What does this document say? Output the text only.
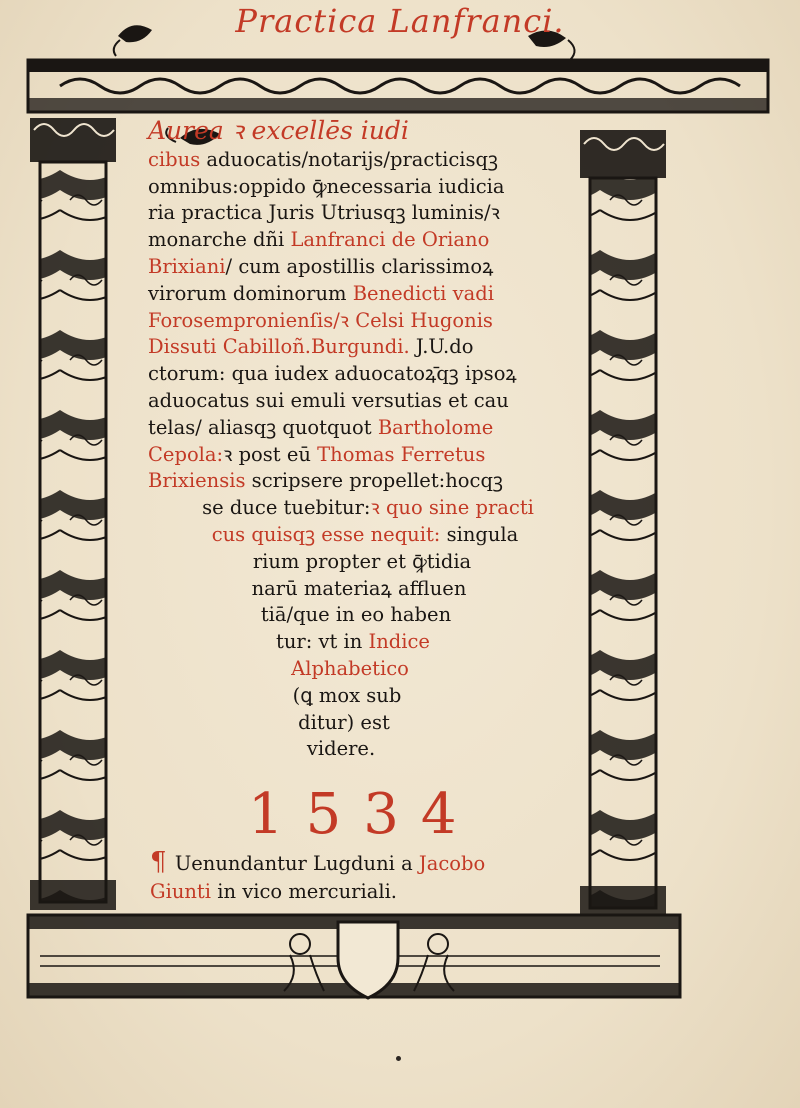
Practica Lanfranci.
Aurea ꝛ excellēs iudi
cibus aduocatis/notarijs/practicisqꝫ
omnibus:oppido ꝙ̄necessaria iudicia
ria practica Juris Utriusqꝫ luminis/ꝛ
monarche dñi Lanfranci de Oriano
Brixiani/ cum apostillis clarissimoꝝ
virorum dominorum Benedicti vadi
Forosempronienſis/ꝛ Celsi Hugonis
Dissuti Cabilloñ.Burgundi. J.U.do
ctorum: qua iudex aduocatoꝝ̄qꝫ ipsoꝝ
aduocatus sui emuli versutias et cau
telas/ aliasqꝫ quotquot Bartholome
Cepola:ꝛ post eū Thomas Ferretus
Brixiensis scripsere propellet:hocqꝫ
se duce tuebitur:ꝛ quo sine practi
cus quisqꝫ esse nequit: singula
rium propter et ꝙ̄tidia
narū materiaꝝ affluen
tiā/que in eo haben
tur: vt in Indice
Alphabetico
(ꝗ mox sub
ditur) est
videre.
1534
¶ Uenundantur Lugduni a Jacobo
Giunti in vico mercuriali.
